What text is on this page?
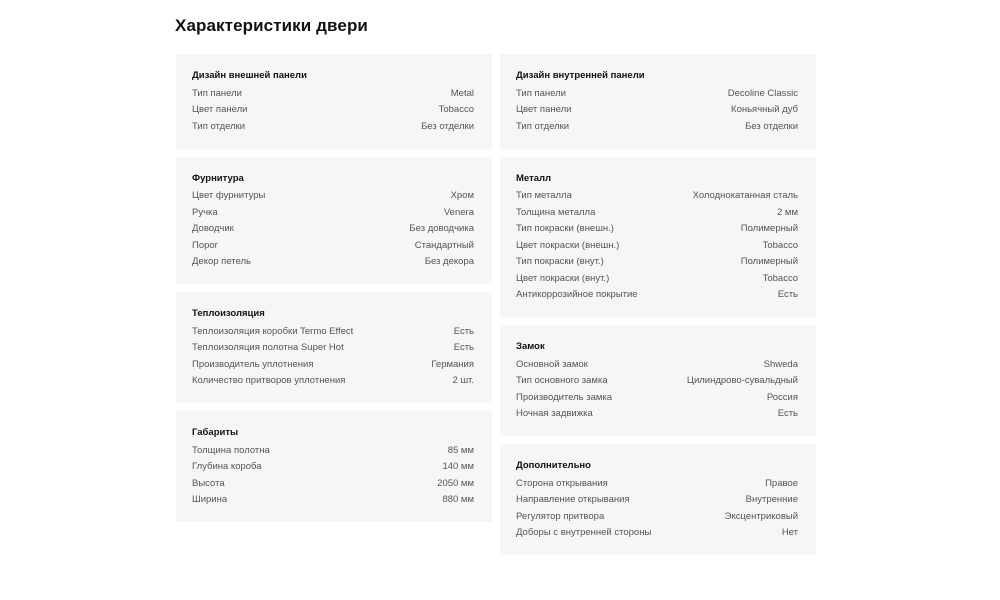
Характеристики двери
Дизайн внешней панели
Тип панели	Metal
Цвет панели	Tobacco
Тип отделки	Без отделки
Фурнитура
Цвет фурнитуры	Хром
Ручка	Venera
Доводчик	Без доводчика
Порог	Стандартный
Декор петель	Без декора
Теплоизоляция
Теплоизоляция коробки Termo Effect	Есть
Теплоизоляция полотна Super Hot	Есть
Производитель уплотнения	Германия
Количество притворов уплотнения	2 шт.
Габариты
Толщина полотна	85 мм
Глубина короба	140 мм
Высота	2050 мм
Ширина	880 мм
Дизайн внутренней панели
Тип панели	Decoline Classic
Цвет панели	Коньячный дуб
Тип отделки	Без отделки
Металл
Тип металла	Холоднокатанная сталь
Толщина металла	2 мм
Тип покраски (внешн.)	Полимерный
Цвет покраски (внешн.)	Tobacco
Тип покраски (внут.)	Полимерный
Цвет покраски (внут.)	Tobacco
Антикоррозийное покрытие	Есть
Замок
Основной замок	Shweda
Тип основного замка	Цилиндрово-сувальдный
Производитель замка	Россия
Ночная задвижка	Есть
Дополнительно
Сторона открывания	Правое
Направление открывания	Внутренние
Регулятор притвора	Эксцентриковый
Доборы с внутренней стороны	Нет
